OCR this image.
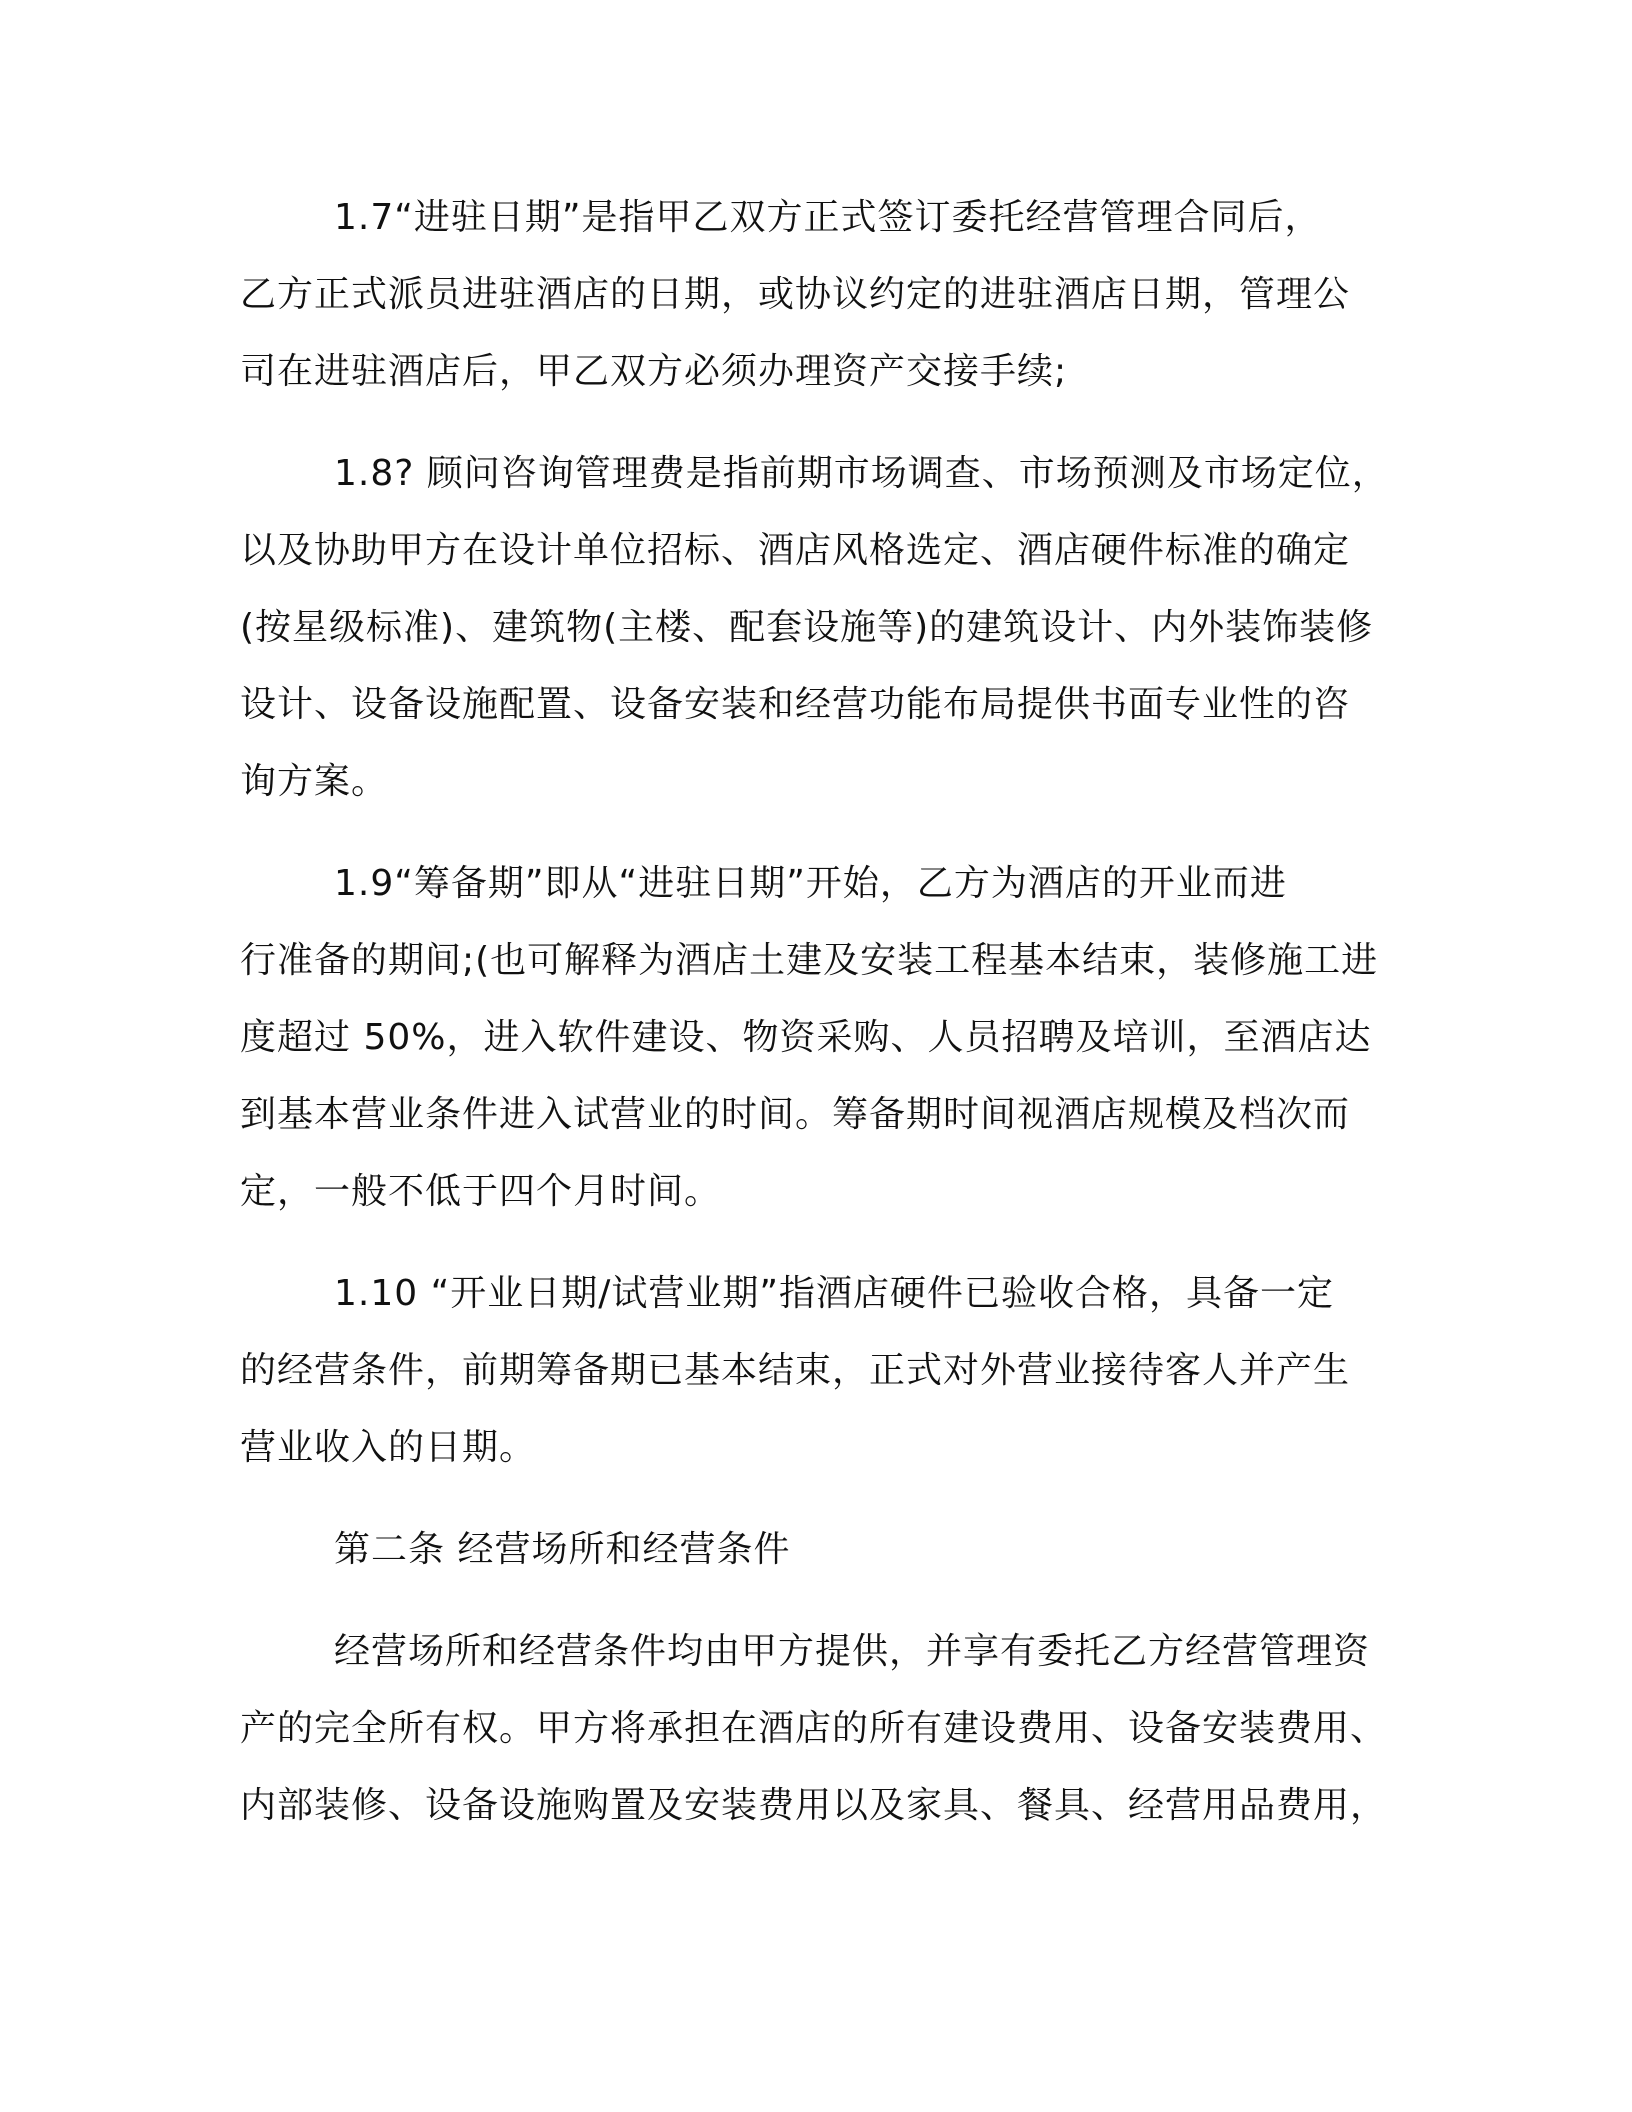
1.7“进驻日期”是指甲乙双方正式签订委托经营管理合同后，
乙方正式派员进驻酒店的日期，或协议约定的进驻酒店日期，管理公
司在进驻酒店后，甲乙双方必须办理资产交接手续;
1.8? 顾问咨询管理费是指前期市场调查、市场预测及市场定位，
以及协助甲方在设计单位招标、酒店风格选定、酒店硬件标准的确定
(按星级标准)、建筑物(主楼、配套设施等)的建筑设计、内外装饰装修
设计、设备设施配置、设备安装和经营功能布局提供书面专业性的咨
询方案。
1.9“筹备期”即从“进驻日期”开始，乙方为酒店的开业而进
行准备的期间;(也可解释为酒店土建及安装工程基本结束，装修施工进
度超过 50%，进入软件建设、物资采购、人员招聘及培训，至酒店达
到基本营业条件进入试营业的时间。筹备期时间视酒店规模及档次而
定，一般不低于四个月时间。
1.10 “开业日期/试营业期”指酒店硬件已验收合格，具备一定
的经营条件，前期筹备期已基本结束，正式对外营业接待客人并产生
营业收入的日期。
第二条 经营场所和经营条件
经营场所和经营条件均由甲方提供，并享有委托乙方经营管理资
产的完全所有权。甲方将承担在酒店的所有建设费用、设备安装费用、
内部装修、设备设施购置及安装费用以及家具、餐具、经营用品费用，
